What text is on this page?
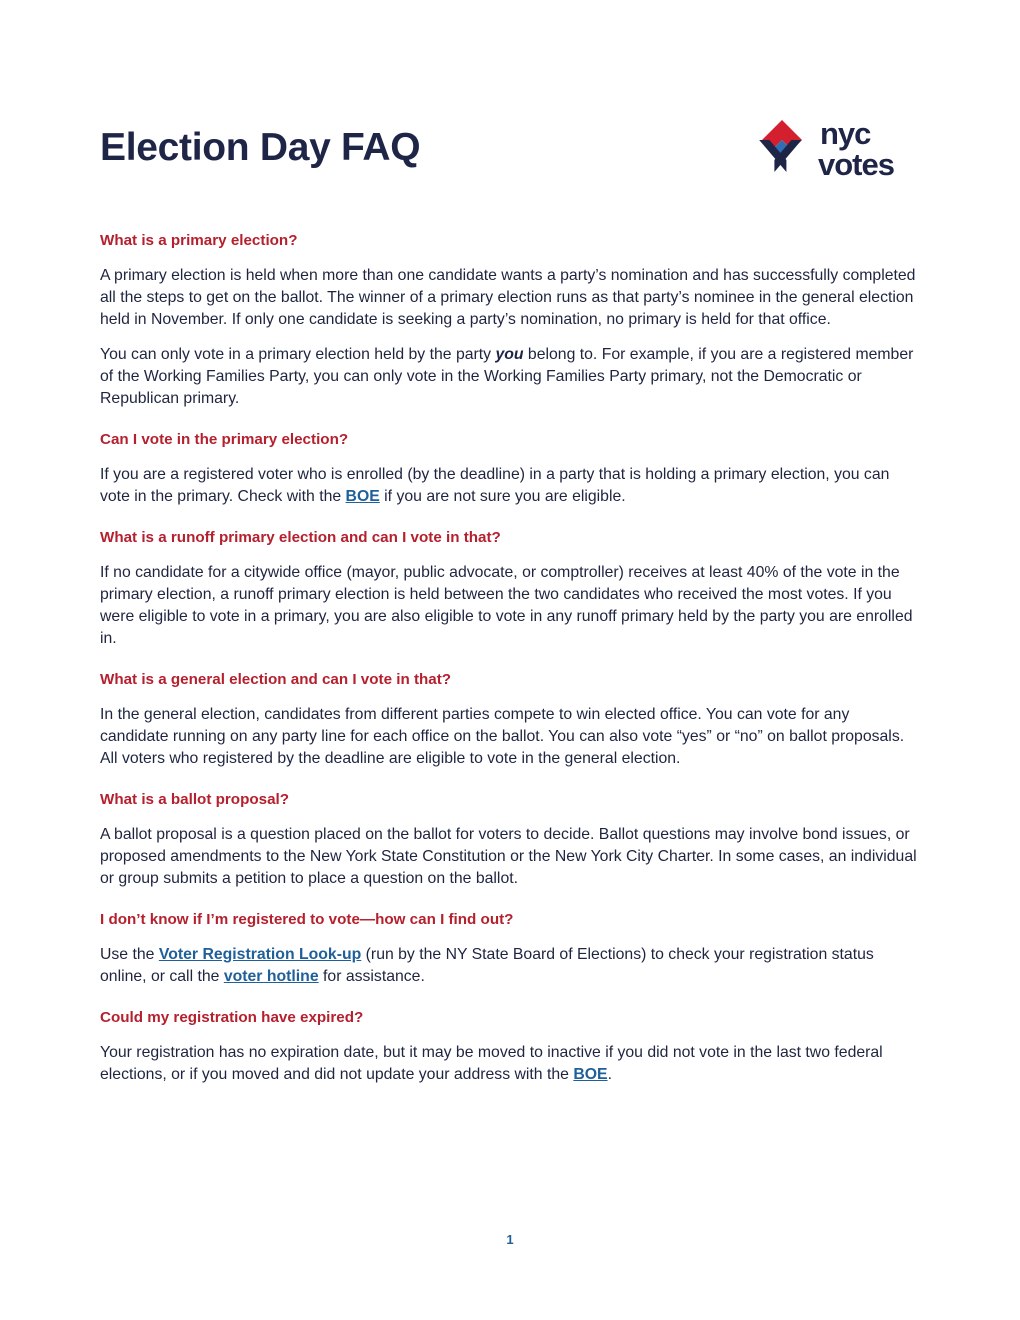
Election Day FAQ	nyc
votes

What is a primary election?

A primary election is held when more than one candidate wants a party’s nomination and has successfully completed all the steps to get on the ballot. The winner of a primary election runs as that party’s nominee in the general election held in November. If only one candidate is seeking a party’s nomination, no primary is held for that office.

You can only vote in a primary election held by the party you belong to. For example, if you are a registered member of the Working Families Party, you can only vote in the Working Families Party primary, not the Democratic or Republican primary.

Can I vote in the primary election?

If you are a registered voter who is enrolled (by the deadline) in a party that is holding a primary election, you can vote in the primary. Check with the BOE if you are not sure you are eligible.

What is a runoff primary election and can I vote in that?

If no candidate for a citywide office (mayor, public advocate, or comptroller) receives at least 40% of the vote in the primary election, a runoff primary election is held between the two candidates who received the most votes. If you were eligible to vote in a primary, you are also eligible to vote in any runoff primary held by the party you are enrolled in.

What is a general election and can I vote in that?

In the general election, candidates from different parties compete to win elected office. You can vote for any candidate running on any party line for each office on the ballot. You can also vote “yes” or “no” on ballot proposals. All voters who registered by the deadline are eligible to vote in the general election.

What is a ballot proposal?

A ballot proposal is a question placed on the ballot for voters to decide. Ballot questions may involve bond issues, or proposed amendments to the New York State Constitution or the New York City Charter. In some cases, an individual or group submits a petition to place a question on the ballot.

I don’t know if I’m registered to vote—how can I find out?

Use the Voter Registration Look-up (run by the NY State Board of Elections) to check your registration status online, or call the voter hotline for assistance.

Could my registration have expired?

Your registration has no expiration date, but it may be moved to inactive if you did not vote in the last two federal elections, or if you moved and did not update your address with the BOE.

1
